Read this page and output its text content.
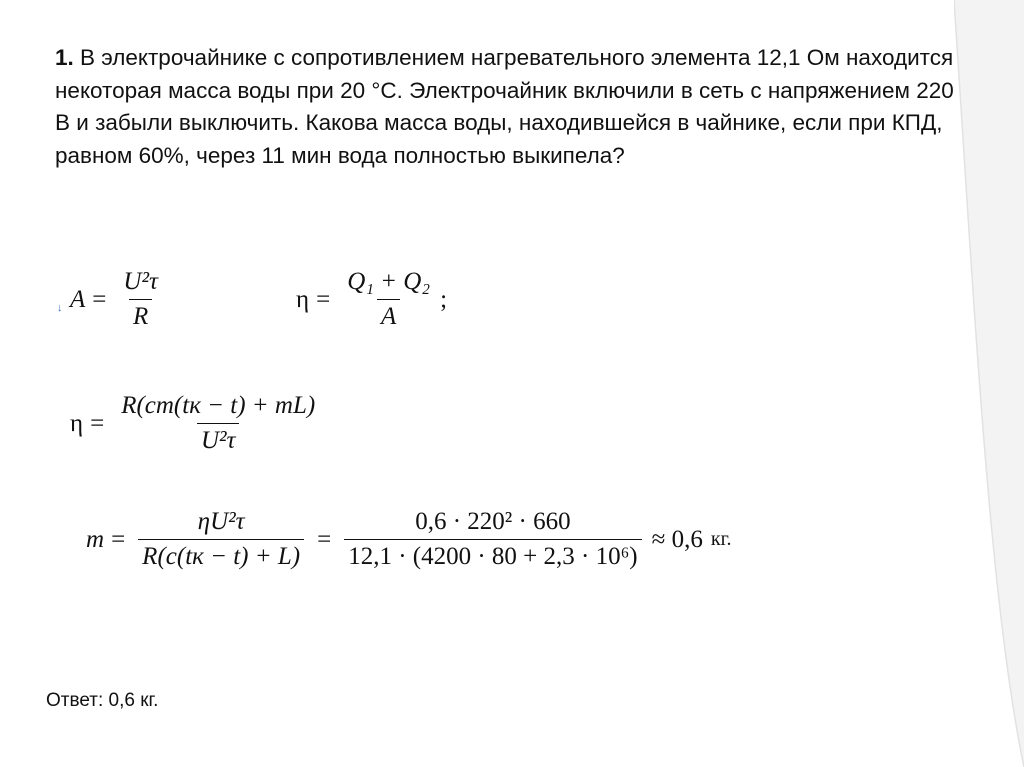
1. В электрочайнике с сопротивлением нагревательного элемента 12,1 Ом находится некоторая масса воды при 20 °С. Электрочайник включили в сеть с напряжением 220 В и забыли выключить. Какова масса воды, находившейся в чайнике, если при КПД, равном 60%, через 11 мин вода полностью выкипела?
↓ $A = \frac{\text{U²τ}}{R}$	$\eta = \frac{\text{Q₁ + Q₂}}{A}$ ;
$\eta = \frac{R(cm(tк - t) + mL)}{\text{U²τ}}$
$m = \frac{\text{ηU²τ}}{R(c(tк - t) + L)} = \frac{\text{0,6 · 220² · 660}}{\text{12,1 · (4200 · 80 + 2,3 · 10⁶)}} \approx 0,6$ кг.
Ответ: 0,6 кг.
